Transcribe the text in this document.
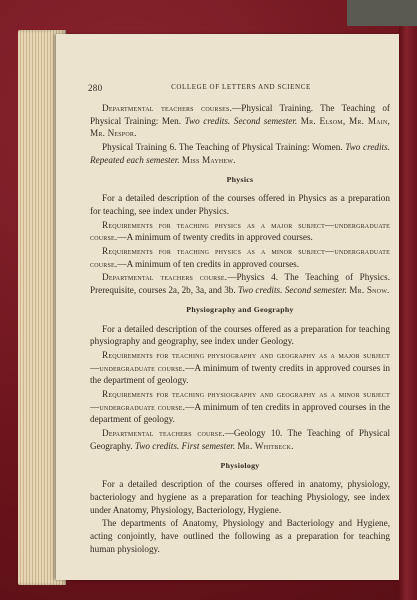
280	COLLEGE OF LETTERS AND SCIENCE

Departmental teachers courses.—Physical Training. The Teaching of Physical Training: Men. Two credits. Second semester. Mr. Elsom, Mr. Main, Mr. Nespor.

Physical Training 6. The Teaching of Physical Training: Women. Two credits. Repeated each semester. Miss Mayhew.

Physics

For a detailed description of the courses offered in Physics as a preparation for teaching, see index under Physics.

Requirements for teaching physics as a major subject—undergraduate course.—A minimum of twenty credits in approved courses.

Requirements for teaching physics as a minor subject—undergraduate course.—A minimum of ten credits in approved courses.

Departmental teachers course.—Physics 4. The Teaching of Physics. Prerequisite, courses 2a, 2b, 3a, and 3b. Two credits. Second semester. Mr. Snow.

Physiography and Geography

For a detailed description of the courses offered as a preparation for teaching physiography and geography, see index under Geology.

Requirements for teaching physiography and geography as a major subject—undergraduate course.—A minimum of twenty credits in approved courses in the department of geology.

Requirements for teaching physiography and geography as a minor subject—undergraduate course.—A minimum of ten credits in approved courses in the department of geology.

Departmental teachers course.—Geology 10. The Teaching of Physical Geography. Two credits. First semester. Mr. Whitbeck.

Physiology

For a detailed description of the courses offered in anatomy, physiology, bacteriology and hygiene as a preparation for teaching Physiology, see index under Anatomy, Physiology, Bacteriology, Hygiene.

The departments of Anatomy, Physiology and Bacteriology and Hygiene, acting conjointly, have outlined the following as a preparation for teaching human physiology.
